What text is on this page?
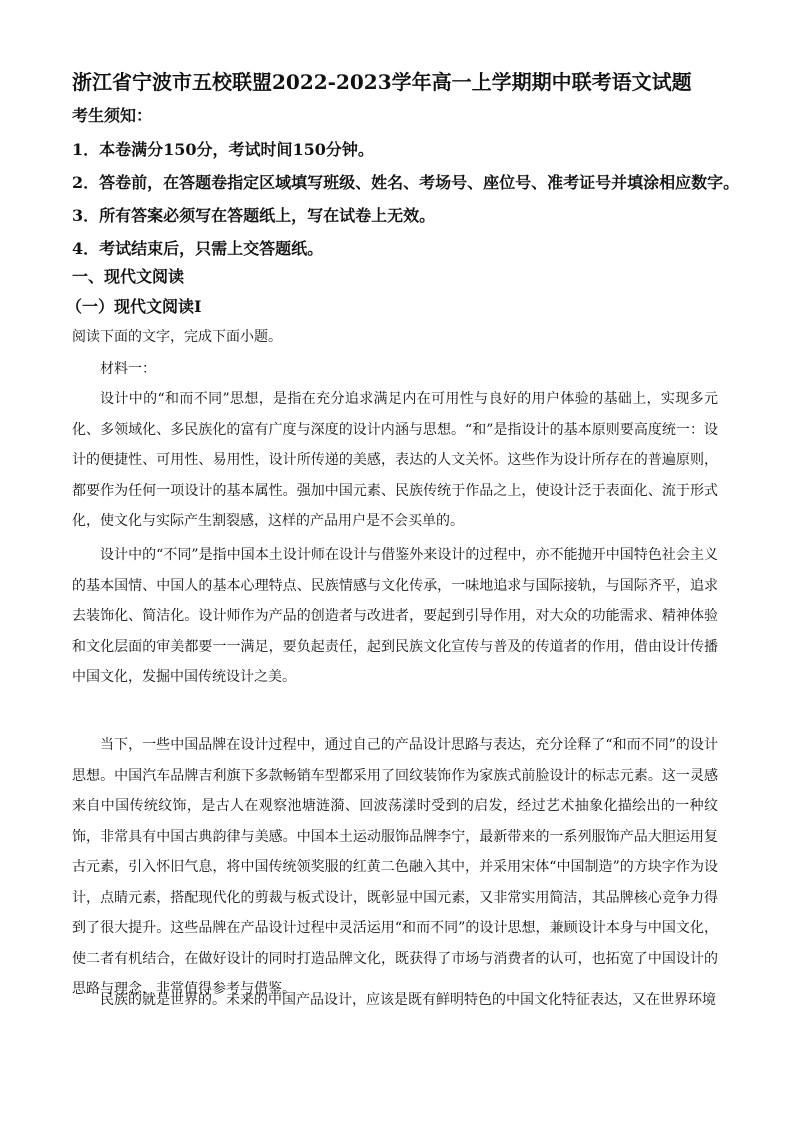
浙江省宁波市五校联盟2022-2023学年高一上学期期中联考语文试题
考生须知：
1．本卷满分150分，考试时间150分钟。
2．答卷前，在答题卷指定区域填写班级、姓名、考场号、座位号、准考证号并填涂相应数字。
3．所有答案必须写在答题纸上，写在试卷上无效。
4．考试结束后，只需上交答题纸。
一、现代文阅读
（一）现代文阅读Ⅰ
阅读下面的文字，完成下面小题。
材料一：

设计中的“和而不同”思想，是指在充分追求满足内在可用性与良好的用户体验的基础上，实现多元化、多领域化、多民族化的富有广度与深度的设计内涵与思想。“和”是指设计的基本原则要高度统一：设计的便捷性、可用性、易用性，设计所传递的美感，表达的人文关怀。这些作为设计所存在的普遍原则，都要作为任何一项设计的基本属性。强加中国元素、民族传统于作品之上，使设计泛于表面化、流于形式化，使文化与实际产生割裂感，这样的产品用户是不会买单的。

设计中的“不同”是指中国本土设计师在设计与借鉴外来设计的过程中，亦不能抛开中国特色社会主义的基本国情、中国人的基本心理特点、民族情感与文化传承，一味地追求与国际接轨，与国际齐平，追求去装饰化、简洁化。设计师作为产品的创造者与改进者，要起到引导作用，对大众的功能需求、精神体验和文化层面的审美都要一一满足，要负起责任，起到民族文化宣传与普及的传道者的作用，借由设计传播中国文化，发掘中国传统设计之美。

当下，一些中国品牌在设计过程中，通过自己的产品设计思路与表达，充分诠释了“和而不同”的设计思想。中国汽车品牌吉利旗下多款畅销车型都采用了回纹装饰作为家族式前脸设计的标志元素。这一灵感来自中国传统纹饰，是古人在观察池塘涟漪、回波荡漾时受到的启发，经过艺术抽象化描绘出的一种纹饰，非常具有中国古典韵律与美感。中国本土运动服饰品牌李宁，最新带来的一系列服饰产品大胆运用复古元素，引入怀旧气息，将中国传统领奖服的红黄二色融入其中，并采用宋体“中国制造”的方块字作为设计，点睛元素，搭配现代化的剪裁与板式设计，既彰显中国元素，又非常实用简洁，其品牌核心竞争力得到了很大提升。这些品牌在产品设计过程中灵活运用“和而不同”的设计思想，兼顾设计本身与中国文化，使二者有机结合，在做好设计的同时打造品牌文化，既获得了市场与消费者的认可，也拓宽了中国设计的思路与理念，非常值得参考与借鉴。

民族的就是世界的。未来的中国产品设计，应该是既有鲜明特色的中国文化特征表达，又在世界环境
